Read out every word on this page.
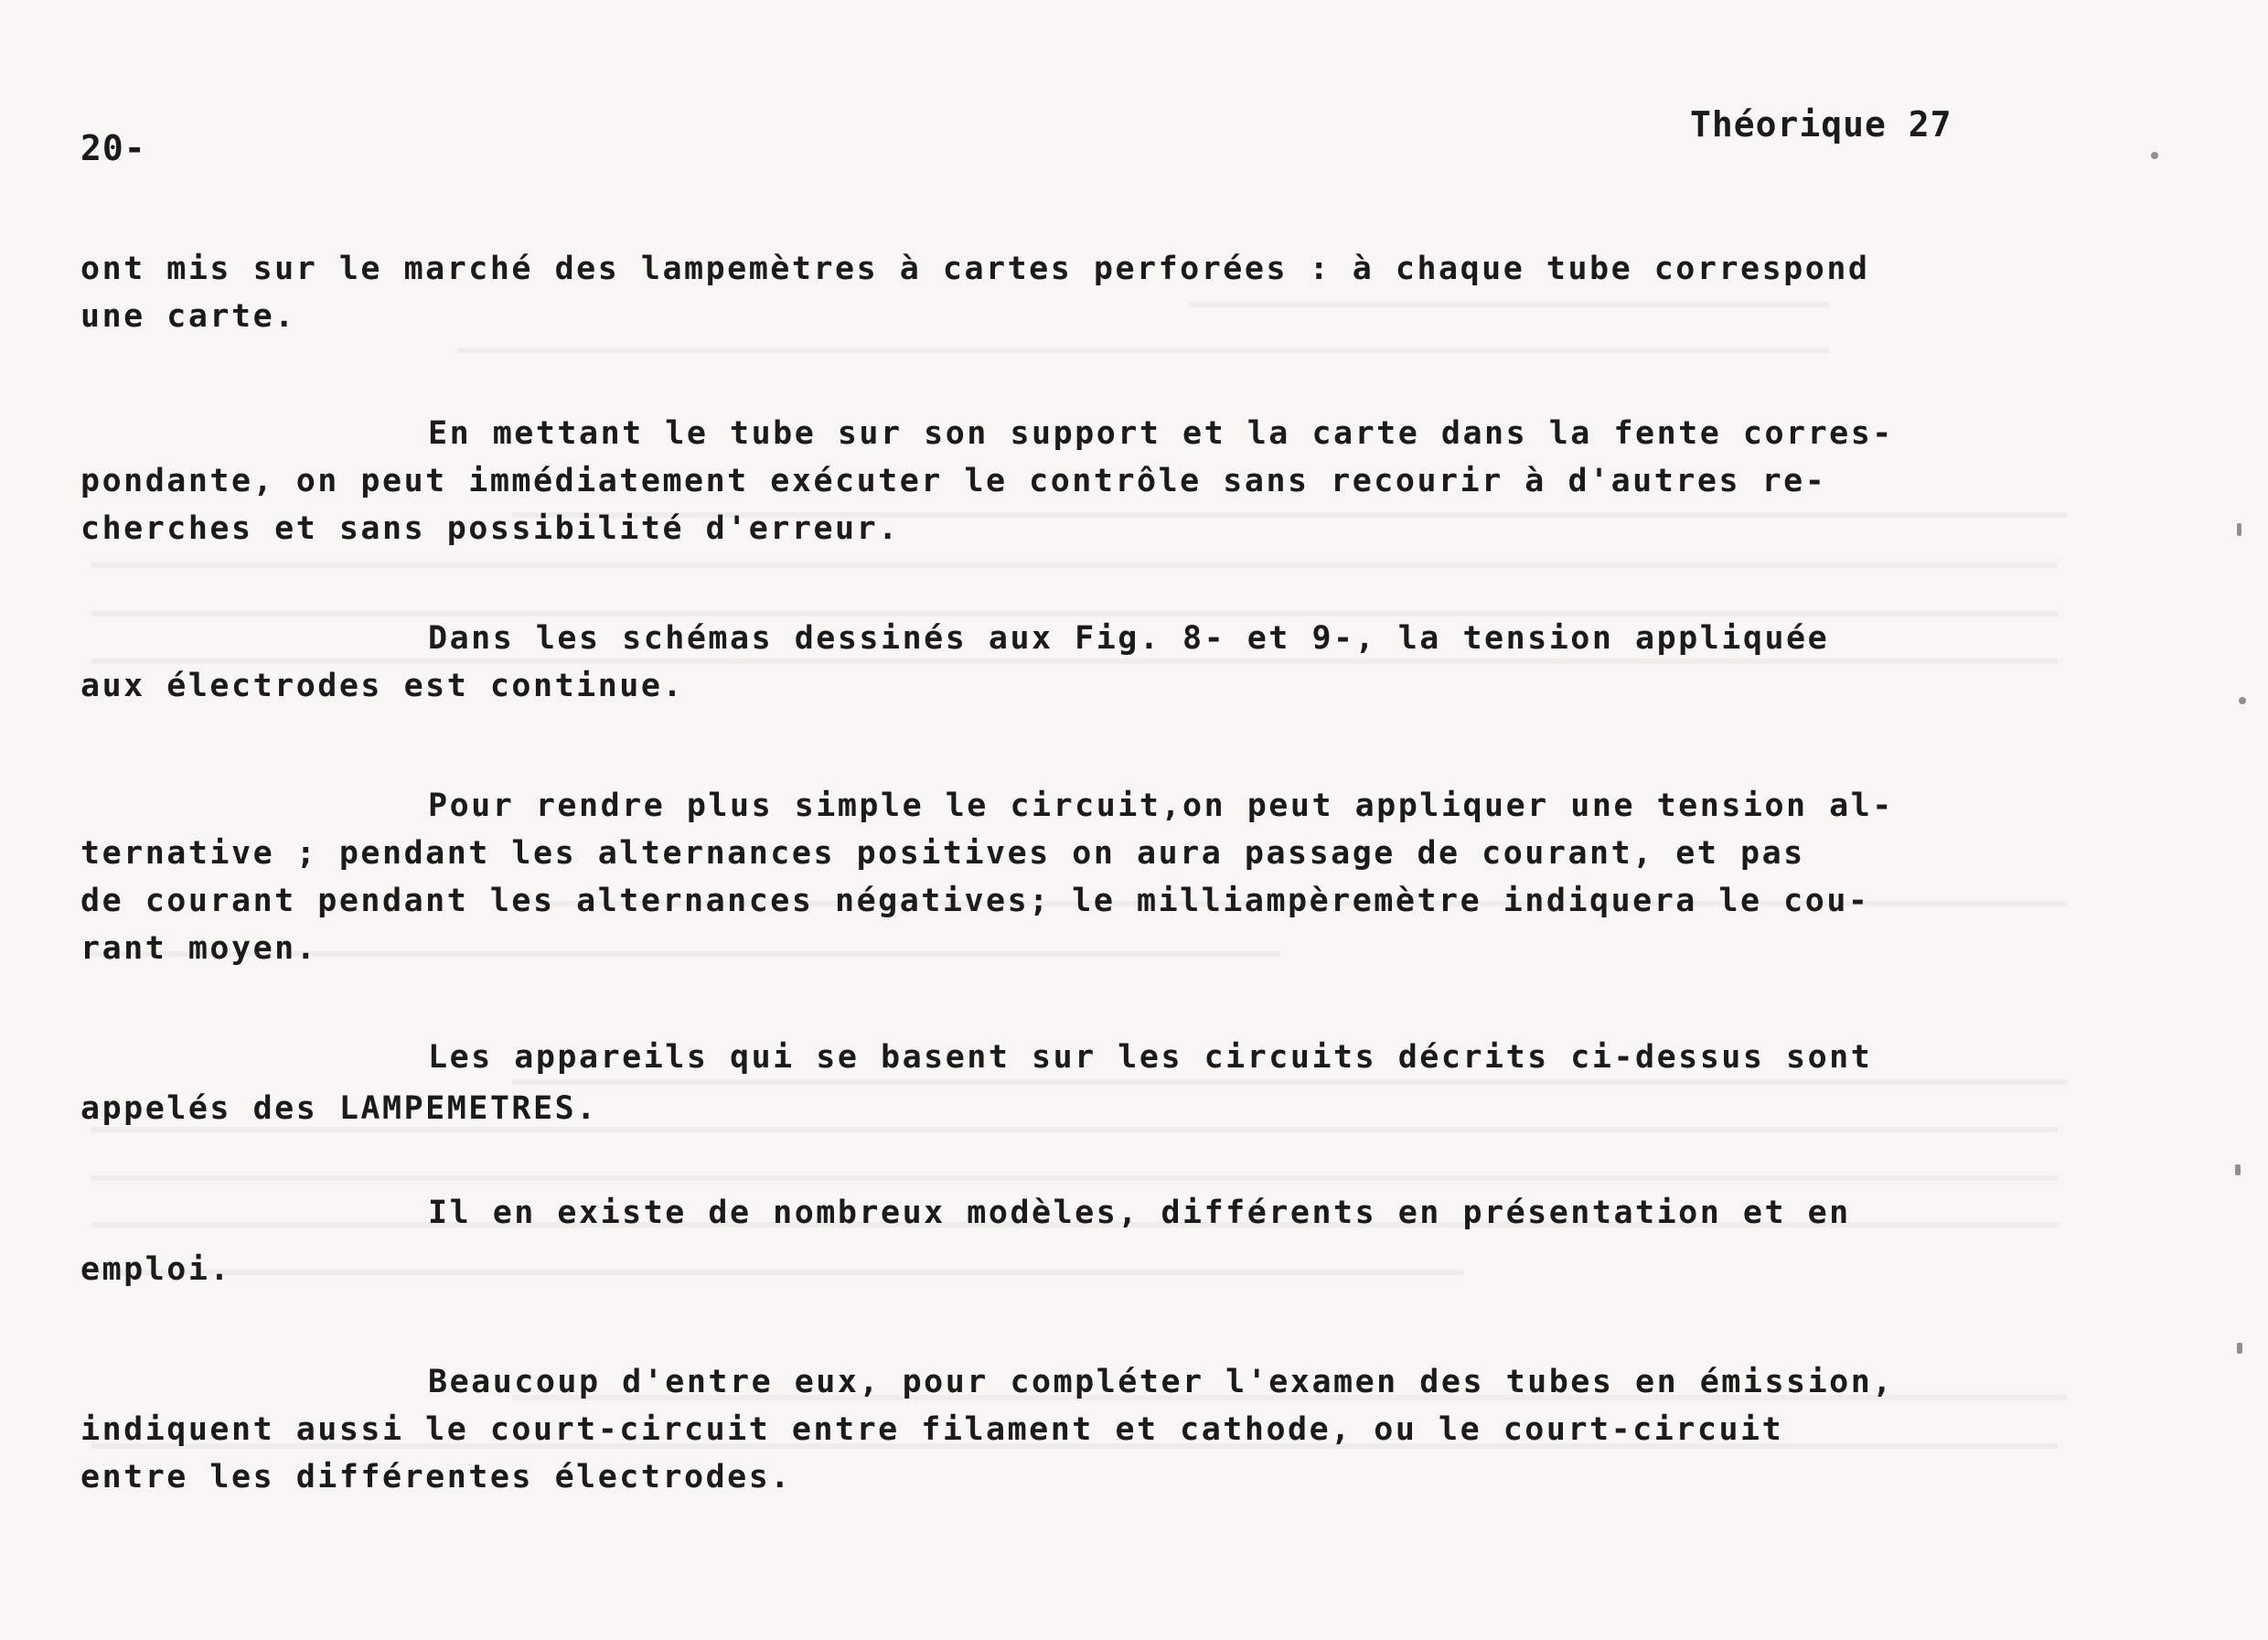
20-
Théorique 27
ont mis sur le marché des lampemètres à cartes perforées : à chaque tube correspond
une carte.
En mettant le tube sur son support et la carte dans la fente corres-
pondante, on peut immédiatement exécuter le contrôle sans recourir à d'autres re-
cherches et sans possibilité d'erreur.
Dans les schémas dessinés aux Fig. 8- et 9-, la tension appliquée
aux électrodes est continue.
Pour rendre plus simple le circuit,on peut appliquer une tension al-
ternative ; pendant les alternances positives on aura passage de courant, et pas
de courant pendant les alternances négatives; le milliampèremètre indiquera le cou-
rant moyen.
Les appareils qui se basent sur les circuits décrits ci-dessus sont
appelés des LAMPEMETRES.
Il en existe de nombreux modèles, différents en présentation et en
emploi.
Beaucoup d'entre eux, pour compléter l'examen des tubes en émission,
indiquent aussi le court-circuit entre filament et cathode, ou le court-circuit
entre les différentes électrodes.
